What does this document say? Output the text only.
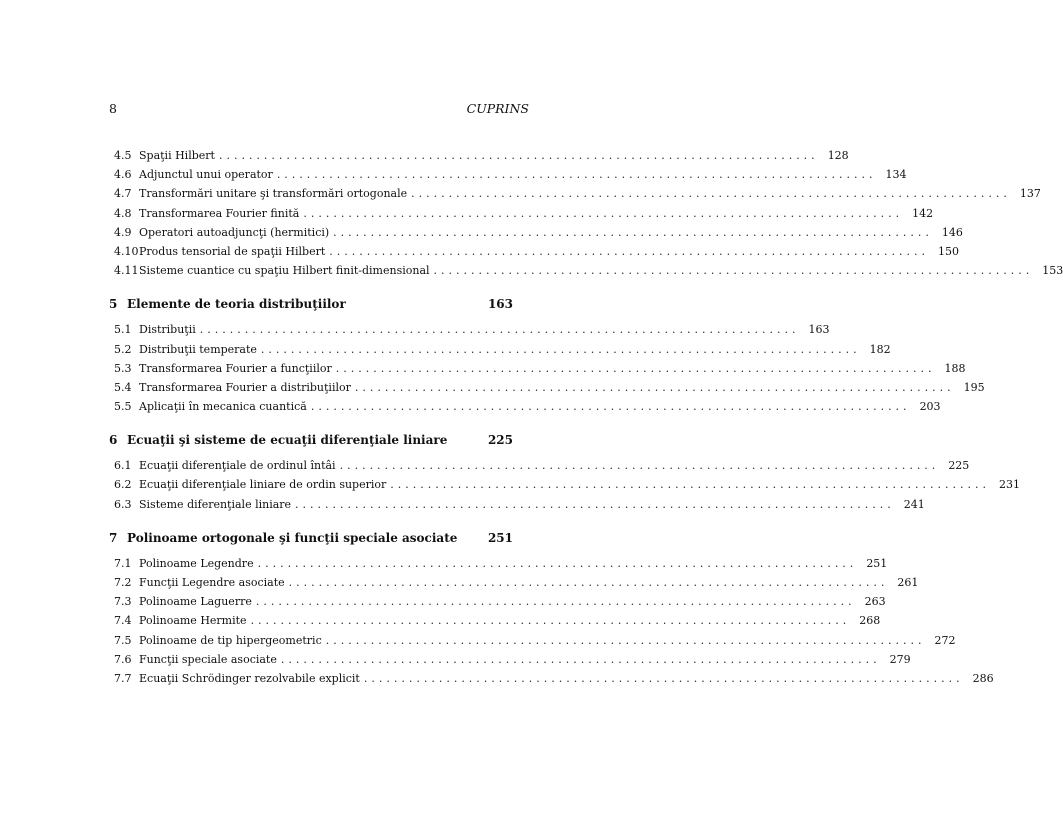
8	CUPRINS
4.5 Spaţii Hilbert ................................................................................ 128
4.6 Adjunctul unui operator ................................................................................ 134
4.7 Transformări unitare şi transformări ortogonale ................................................................................ 137
4.8 Transformarea Fourier finită ................................................................................ 142
4.9 Operatori autoadjuncţi (hermitici) ................................................................................ 146
4.10 Produs tensorial de spaţii Hilbert ................................................................................ 150
4.11 Sisteme cuantice cu spaţiu Hilbert finit-dimensional ................................................................................ 153
5 Elemente de teoria distribuţiilor	163
5.1 Distribuţii ................................................................................ 163
5.2 Distribuţii temperate ................................................................................ 182
5.3 Transformarea Fourier a funcţiilor ................................................................................ 188
5.4 Transformarea Fourier a distribuţiilor ................................................................................ 195
5.5 Aplicaţii în mecanica cuantică ................................................................................ 203
6 Ecuaţii şi sisteme de ecuaţii diferenţiale liniare	225
6.1 Ecuaţii diferenţiale de ordinul întâi ................................................................................ 225
6.2 Ecuaţii diferenţiale liniare de ordin superior ................................................................................ 231
6.3 Sisteme diferenţiale liniare ................................................................................ 241
7 Polinoame ortogonale şi funcţii speciale asociate	251
7.1 Polinoame Legendre ................................................................................ 251
7.2 Funcţii Legendre asociate ................................................................................ 261
7.3 Polinoame Laguerre ................................................................................ 263
7.4 Polinoame Hermite ................................................................................ 268
7.5 Polinoame de tip hipergeometric ................................................................................ 272
7.6 Funcţii speciale asociate ................................................................................ 279
7.7 Ecuaţii Schrödinger rezolvabile explicit ................................................................................ 286
